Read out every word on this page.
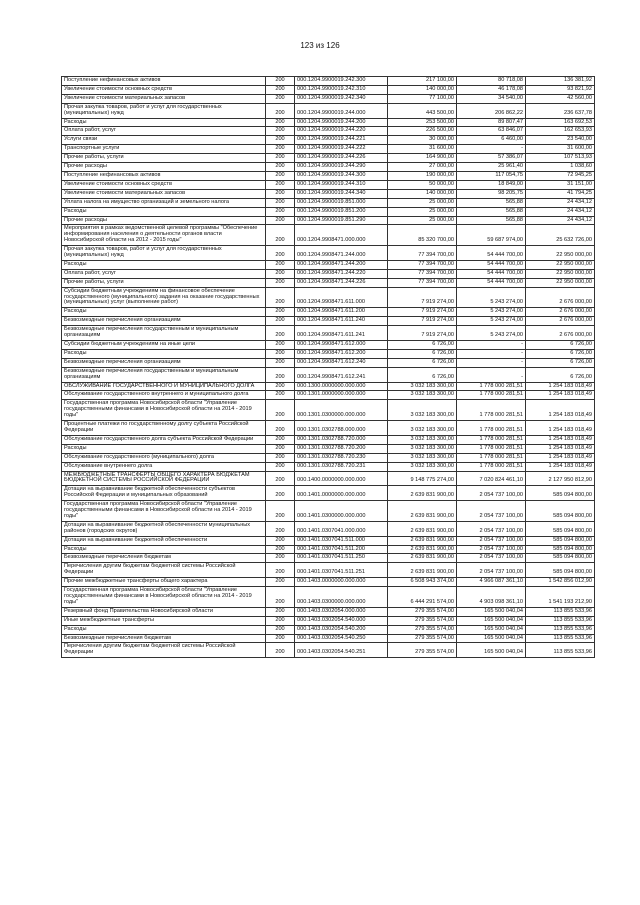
123 из 126
Поступление нефинансовых активов	200	000.1204.9900019.242.300	217 100,00	80 718,08	136 381,92
Увеличение стоимости основных средств	200	000.1204.9900019.242.310	140 000,00	46 178,08	93 821,92
Увеличение стоимости материальных запасов	200	000.1204.9900019.242.340	77 100,00	34 540,00	42 560,00
Прочая закупка товаров, работ и услуг для государственных (муниципальных) нужд	200	000.1204.9900019.244.000	443 500,00	206 862,22	236 637,78
Расходы	200	000.1204.9900019.244.200	253 500,00	89 807,47	163 692,53
Оплата работ, услуг	200	000.1204.9900019.244.220	226 500,00	63 846,07	162 653,93
Услуги связи	200	000.1204.9900019.244.221	30 000,00	6 460,00	23 540,00
Транспортные услуги	200	000.1204.9900019.244.222	31 600,00	-	31 600,00
Прочие работы, услуги	200	000.1204.9900019.244.226	164 900,00	57 386,07	107 513,93
Прочие расходы	200	000.1204.9900019.244.290	27 000,00	25 961,40	1 038,60
Поступление нефинансовых активов	200	000.1204.9900019.244.300	190 000,00	117 054,75	72 945,25
Увеличение стоимости основных средств	200	000.1204.9900019.244.310	50 000,00	18 849,00	31 151,00
Увеличение стоимости материальных запасов	200	000.1204.9900019.244.340	140 000,00	98 205,75	41 794,25
Уплата налога на имущество организаций и земельного налога	200	000.1204.9900019.851.000	25 000,00	565,88	24 434,12
Расходы	200	000.1204.9900019.851.200	25 000,00	565,88	24 434,12
Прочие расходы	200	000.1204.9900019.851.290	25 000,00	565,88	24 434,12
Мероприятия в рамках ведомственной целевой программы "Обеспечение информирования населения о деятельности органов власти Новосибирской области на 2012 - 2015 годы"	200	000.1204.9908471.000.000	85 320 700,00	59 687 974,00	25 632 726,00
Прочая закупка товаров, работ и услуг для государственных (муниципальных) нужд	200	000.1204.9908471.244.000	77 394 700,00	54 444 700,00	22 950 000,00
Расходы	200	000.1204.9908471.244.200	77 394 700,00	54 444 700,00	22 950 000,00
Оплата работ, услуг	200	000.1204.9908471.244.220	77 394 700,00	54 444 700,00	22 950 000,00
Прочие работы, услуги	200	000.1204.9908471.244.226	77 394 700,00	54 444 700,00	22 950 000,00
Субсидии бюджетным учреждениям на финансовое обеспечение государственного (муниципального) задания на оказание государственных (муниципальных) услуг (выполнение работ)	200	000.1204.9908471.611.000	7 919 274,00	5 243 274,00	2 676 000,00
Расходы	200	000.1204.9908471.611.200	7 919 274,00	5 243 274,00	2 676 000,00
Безвозмездные перечисления организациям	200	000.1204.9908471.611.240	7 919 274,00	5 243 274,00	2 676 000,00
Безвозмездные перечисления государственным и муниципальным организациям	200	000.1204.9908471.611.241	7 919 274,00	5 243 274,00	2 676 000,00
Субсидии бюджетным учреждениям на иные цели	200	000.1204.9908471.612.000	6 726,00	-	6 726,00
Расходы	200	000.1204.9908471.612.200	6 726,00	-	6 726,00
Безвозмездные перечисления организациям	200	000.1204.9908471.612.240	6 726,00	-	6 726,00
Безвозмездные перечисления государственным и муниципальным организациям	200	000.1204.9908471.612.241	6 726,00	-	6 726,00
ОБСЛУЖИВАНИЕ ГОСУДАРСТВЕННОГО И МУНИЦИПАЛЬНОГО ДОЛГА	200	000.1300.0000000.000.000	3 032 183 300,00	1 778 000 281,51	1 254 183 018,49
Обслуживание государственного внутреннего и муниципального долга	200	000.1301.0000000.000.000	3 032 183 300,00	1 778 000 281,51	1 254 183 018,49
Государственная программа Новосибирской области "Управление государственными финансами в Новосибирской области на 2014 - 2019 годы"	200	000.1301.0300000.000.000	3 032 183 300,00	1 778 000 281,51	1 254 183 018,49
Процентные платежи по государственному долгу субъекта Российской Федерации	200	000.1301.0302788.000.000	3 032 183 300,00	1 778 000 281,51	1 254 183 018,49
Обслуживание государственного долга субъекта Российской Федерации	200	000.1301.0302788.720.000	3 032 183 300,00	1 778 000 281,51	1 254 183 018,49
Расходы	200	000.1301.0302788.720.200	3 032 183 300,00	1 778 000 281,51	1 254 183 018,49
Обслуживание государственного (муниципального) долга	200	000.1301.0302788.720.230	3 032 183 300,00	1 778 000 281,51	1 254 183 018,49
Обслуживание внутреннего долга	200	000.1301.0302788.720.231	3 032 183 300,00	1 778 000 281,51	1 254 183 018,49
МЕЖБЮДЖЕТНЫЕ ТРАНСФЕРТЫ ОБЩЕГО ХАРАКТЕРА БЮДЖЕТАМ БЮДЖЕТНОЙ СИСТЕМЫ РОССИЙСКОЙ ФЕДЕРАЦИИ	200	000.1400.0000000.000.000	9 148 775 274,00	7 020 824 461,10	2 127 950 812,90
Дотации на выравнивание бюджетной обеспеченности субъектов Российской Федерации и муниципальных образований	200	000.1401.0000000.000.000	2 639 831 900,00	2 054 737 100,00	585 094 800,00
Государственная программа Новосибирской области "Управление государственными финансами в Новосибирской области на 2014 - 2019 годы"	200	000.1401.0300000.000.000	2 639 831 900,00	2 054 737 100,00	585 094 800,00
Дотации на выравнивание бюджетной обеспеченности муниципальных районов (городских округов)	200	000.1401.0307041.000.000	2 639 831 900,00	2 054 737 100,00	585 094 800,00
Дотации на выравнивание бюджетной обеспеченности	200	000.1401.0307041.511.000	2 639 831 900,00	2 054 737 100,00	585 094 800,00
Расходы	200	000.1401.0307041.511.200	2 639 831 900,00	2 054 737 100,00	585 094 800,00
Безвозмездные перечисления бюджетам	200	000.1401.0307041.511.250	2 639 831 900,00	2 054 737 100,00	585 094 800,00
Перечисления другим бюджетам бюджетной системы Российской Федерации	200	000.1401.0307041.511.251	2 639 831 900,00	2 054 737 100,00	585 094 800,00
Прочие межбюджетные трансферты общего характера	200	000.1403.0000000.000.000	6 508 943 374,00	4 966 087 361,10	1 542 856 012,90
Государственная программа Новосибирской области "Управление государственными финансами в Новосибирской области на 2014 - 2019 годы"	200	000.1403.0300000.000.000	6 444 291 574,00	4 903 098 361,10	1 541 193 212,90
Резервный фонд Правительства Новосибирской области	200	000.1403.0302054.000.000	279 355 574,00	165 500 040,04	113 855 533,96
Иные межбюджетные трансферты	200	000.1403.0302054.540.000	279 355 574,00	165 500 040,04	113 855 533,96
Расходы	200	000.1403.0302054.540.200	279 355 574,00	165 500 040,04	113 855 533,96
Безвозмездные перечисления бюджетам	200	000.1403.0302054.540.250	279 355 574,00	165 500 040,04	113 855 533,96
Перечисления другим бюджетам бюджетной системы Российской Федерации	200	000.1403.0302054.540.251	279 355 574,00	165 500 040,04	113 855 533,96
